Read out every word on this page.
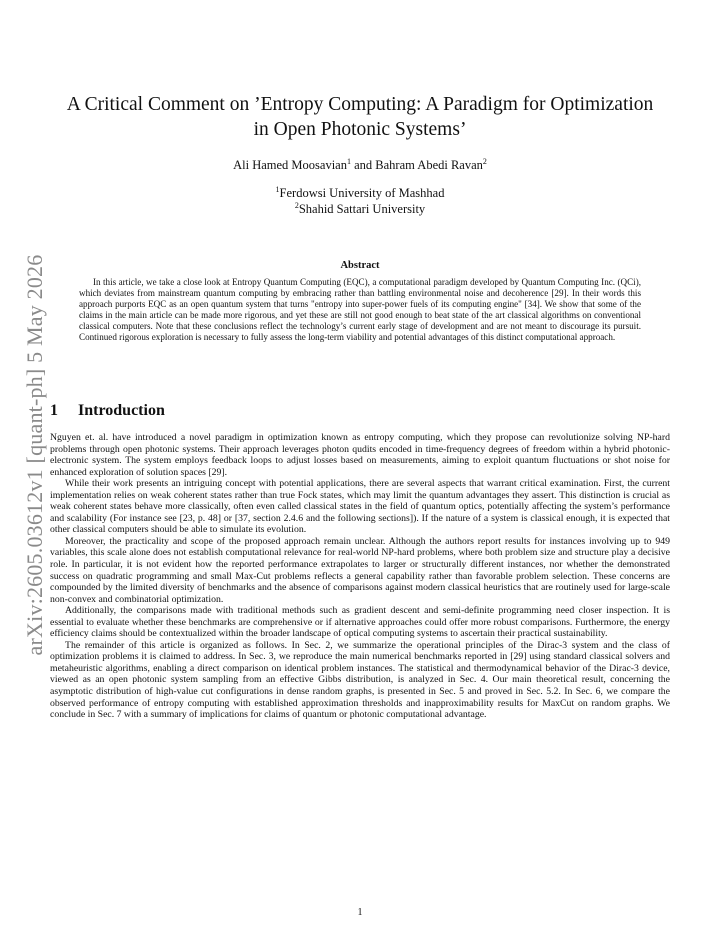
arXiv:2605.03612v1 [quant-ph] 5 May 2026
A Critical Comment on ’Entropy Computing: A Paradigm for Optimization in Open Photonic Systems’
Ali Hamed Moosavian$^1$ and Bahram Abedi Ravan$^2$
$^1$Ferdowsi University of Mashhad
$^2$Shahid Sattari University
Abstract

In this article, we take a close look at Entropy Quantum Computing (EQC), a computational paradigm developed by Quantum Computing Inc. (QCi), which deviates from mainstream quantum computing by embracing rather than battling environmental noise and decoherence [29]. In their words this approach purports EQC as an open quantum system that turns "entropy into super-power fuels of its computing engine" [34]. We show that some of the claims in the main article can be made more rigorous, and yet these are still not good enough to beat state of the art classical algorithms on conventional classical computers. Note that these conclusions reflect the technology’s current early stage of development and are not meant to discourage its pursuit. Continued rigorous exploration is necessary to fully assess the long-term viability and potential advantages of this distinct computational approach.

1 Introduction

Nguyen et. al. have introduced a novel paradigm in optimization known as entropy computing, which they propose can revolutionize solving NP-hard problems through open photonic systems. Their approach leverages photon qudits encoded in time-frequency degrees of freedom within a hybrid photonic-electronic system. The system employs feedback loops to adjust losses based on measurements, aiming to exploit quantum fluctuations or shot noise for enhanced exploration of solution spaces [29].

While their work presents an intriguing concept with potential applications, there are several aspects that warrant critical examination. First, the current implementation relies on weak coherent states rather than true Fock states, which may limit the quantum advantages they assert. This distinction is crucial as weak coherent states behave more classically, often even called classical states in the field of quantum optics, potentially affecting the system’s performance and scalability (For instance see [23, p. 48] or [37, section 2.4.6 and the following sections]). If the nature of a system is classical enough, it is expected that other classical computers should be able to simulate its evolution.

Moreover, the practicality and scope of the proposed approach remain unclear. Although the authors report results for instances involving up to 949 variables, this scale alone does not establish computational relevance for real-world NP-hard problems, where both problem size and structure play a decisive role. In particular, it is not evident how the reported performance extrapolates to larger or structurally different instances, nor whether the demonstrated success on quadratic programming and small Max-Cut problems reflects a general capability rather than favorable problem selection. These concerns are compounded by the limited diversity of benchmarks and the absence of comparisons against modern classical heuristics that are routinely used for large-scale non-convex and combinatorial optimization.

Additionally, the comparisons made with traditional methods such as gradient descent and semi-definite programming need closer inspection. It is essential to evaluate whether these benchmarks are comprehensive or if alternative approaches could offer more robust comparisons. Furthermore, the energy efficiency claims should be contextualized within the broader landscape of optical computing systems to ascertain their practical sustainability.

The remainder of this article is organized as follows. In Sec. 2, we summarize the operational principles of the Dirac-3 system and the class of optimization problems it is claimed to address. In Sec. 3, we reproduce the main numerical benchmarks reported in [29] using standard classical solvers and metaheuristic algorithms, enabling a direct comparison on identical problem instances. The statistical and thermodynamical behavior of the Dirac-3 device, viewed as an open photonic system sampling from an effective Gibbs distribution, is analyzed in Sec. 4. Our main theoretical result, concerning the asymptotic distribution of high-value cut configurations in dense random graphs, is presented in Sec. 5 and proved in Sec. 5.2. In Sec. 6, we compare the observed performance of entropy computing with established approximation thresholds and inapproximability results for MaxCut on random graphs. We conclude in Sec. 7 with a summary of implications for claims of quantum or photonic computational advantage.

1
